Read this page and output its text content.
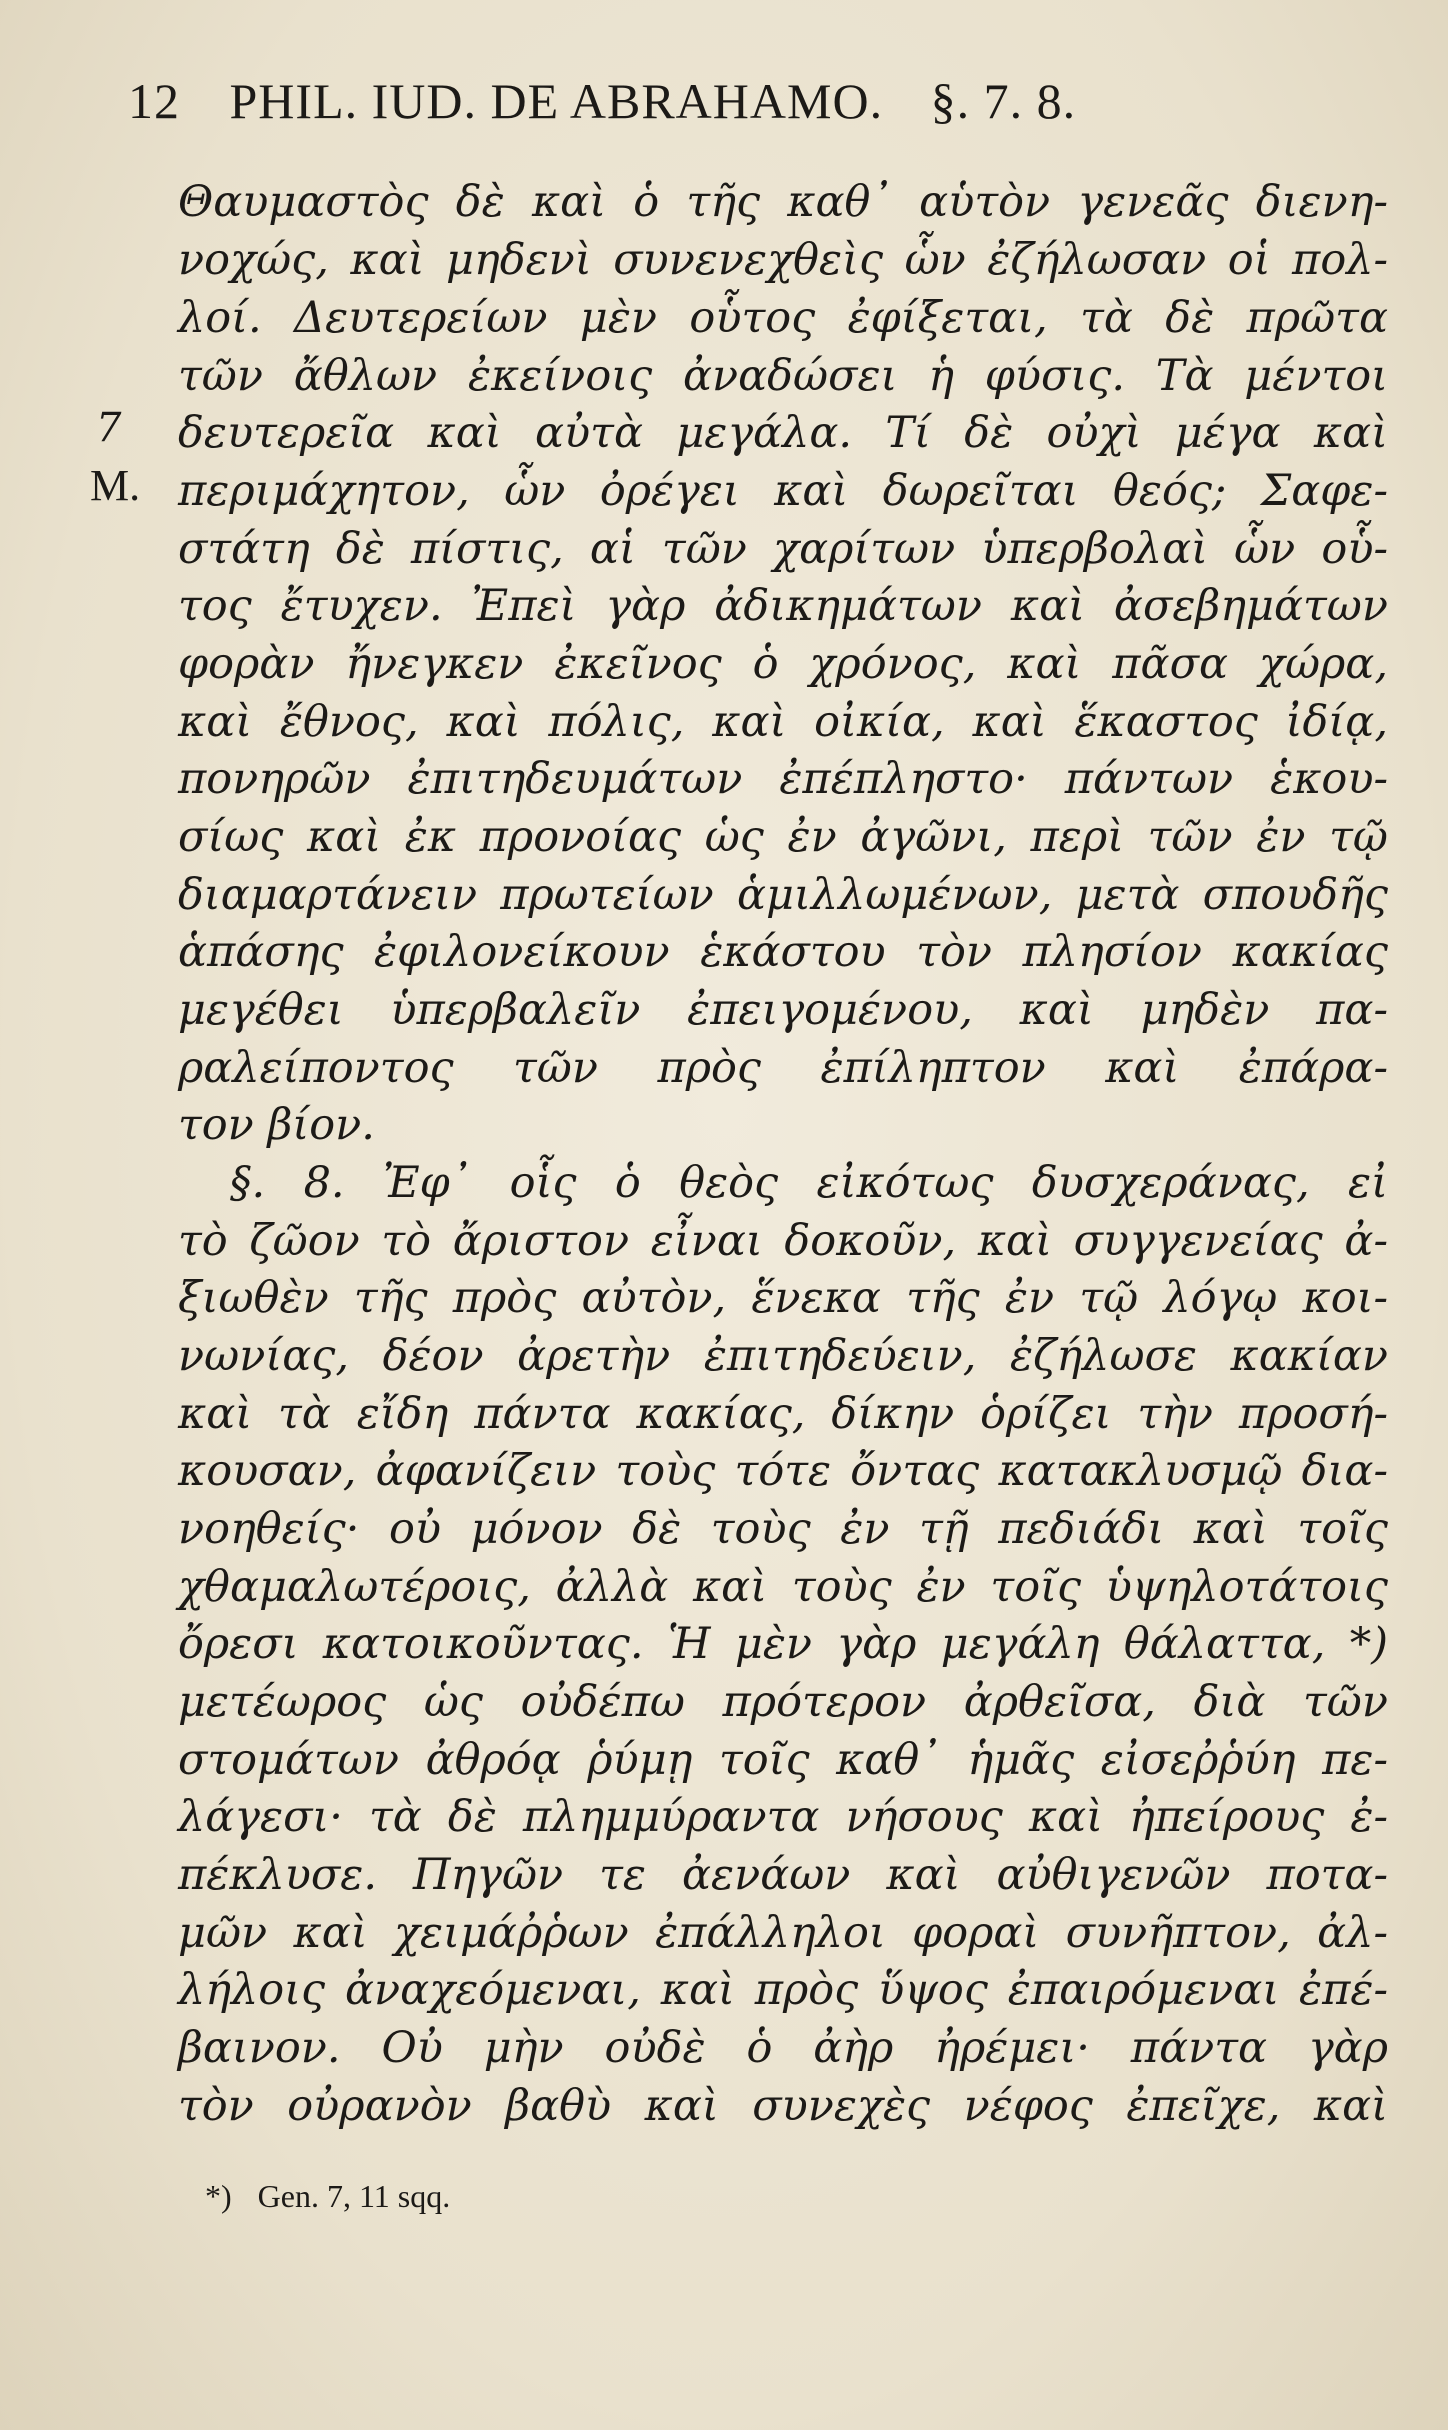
12 PHIL. IUD. DE ABRAHAMO. §. 7. 8.
7
M.
Θαυμαστὸς δὲ καὶ ὁ τῆς καθ᾽ αὑτὸν γενεᾶς διενη-
νοχώς, καὶ μηδενὶ συνενεχθεὶς ὧν ἐζήλωσαν οἱ πολ-
λοί. Δευτερείων μὲν οὗτος ἐφίξεται, τὰ δὲ πρῶτα
τῶν ἄθλων ἐκείνοις ἀναδώσει ἡ φύσις. Τὰ μέντοι
δευτερεῖα καὶ αὐτὰ μεγάλα. Τί δὲ οὐχὶ μέγα καὶ
περιμάχητον, ὧν ὀρέγει καὶ δωρεῖται θεός; Σαφε-
στάτη δὲ πίστις, αἱ τῶν χαρίτων ὑπερβολαὶ ὧν οὗ-
τος ἔτυχεν. Ἐπεὶ γὰρ ἀδικημάτων καὶ ἀσεβημάτων
φορὰν ἤνεγκεν ἐκεῖνος ὁ χρόνος, καὶ πᾶσα χώρα,
καὶ ἔθνος, καὶ πόλις, καὶ οἰκία, καὶ ἕκαστος ἰδίᾳ,
πονηρῶν ἐπιτηδευμάτων ἐπέπληστο· πάντων ἑκου-
σίως καὶ ἐκ προνοίας ὡς ἐν ἀγῶνι, περὶ τῶν ἐν τῷ
διαμαρτάνειν πρωτείων ἁμιλλωμένων, μετὰ σπουδῆς
ἁπάσης ἐφιλονείκουν ἑκάστου τὸν πλησίον κακίας
μεγέθει ὑπερβαλεῖν ἐπειγομένου, καὶ μηδὲν πα-
ραλείποντος τῶν πρὸς ἐπίληπτον καὶ ἐπάρα-
τον βίον.
§. 8. Ἐφ᾽ οἷς ὁ θεὸς εἰκότως δυσχεράνας, εἰ
τὸ ζῶον τὸ ἄριστον εἶναι δοκοῦν, καὶ συγγενείας ἀ-
ξιωθὲν τῆς πρὸς αὐτὸν, ἕνεκα τῆς ἐν τῷ λόγῳ κοι-
νωνίας, δέον ἀρετὴν ἐπιτηδεύειν, ἐζήλωσε κακίαν
καὶ τὰ εἴδη πάντα κακίας, δίκην ὁρίζει τὴν προσή-
κουσαν, ἀφανίζειν τοὺς τότε ὄντας κατακλυσμῷ δια-
νοηθείς· οὐ μόνον δὲ τοὺς ἐν τῇ πεδιάδι καὶ τοῖς
χθαμαλωτέροις, ἀλλὰ καὶ τοὺς ἐν τοῖς ὑψηλοτάτοις
ὄρεσι κατοικοῦντας. Ἡ μὲν γὰρ μεγάλη θάλαττα, *)
μετέωρος ὡς οὐδέπω πρότερον ἀρθεῖσα, διὰ τῶν
στομάτων ἀθρόᾳ ῥύμῃ τοῖς καθ᾽ ἡμᾶς εἰσεῤῥύη πε-
λάγεσι· τὰ δὲ πλημμύραντα νήσους καὶ ἠπείρους ἐ-
πέκλυσε. Πηγῶν τε ἀενάων καὶ αὐθιγενῶν ποτα-
μῶν καὶ χειμάῤῥων ἐπάλληλοι φοραὶ συνῆπτον, ἀλ-
λήλοις ἀναχεόμεναι, καὶ πρὸς ὕψος ἐπαιρόμεναι ἐπέ-
βαινον. Οὐ μὴν οὐδὲ ὁ ἀὴρ ἠρέμει· πάντα γὰρ
τὸν οὐρανὸν βαθὺ καὶ συνεχὲς νέφος ἐπεῖχε, καὶ
*) Gen. 7, 11 sqq.
